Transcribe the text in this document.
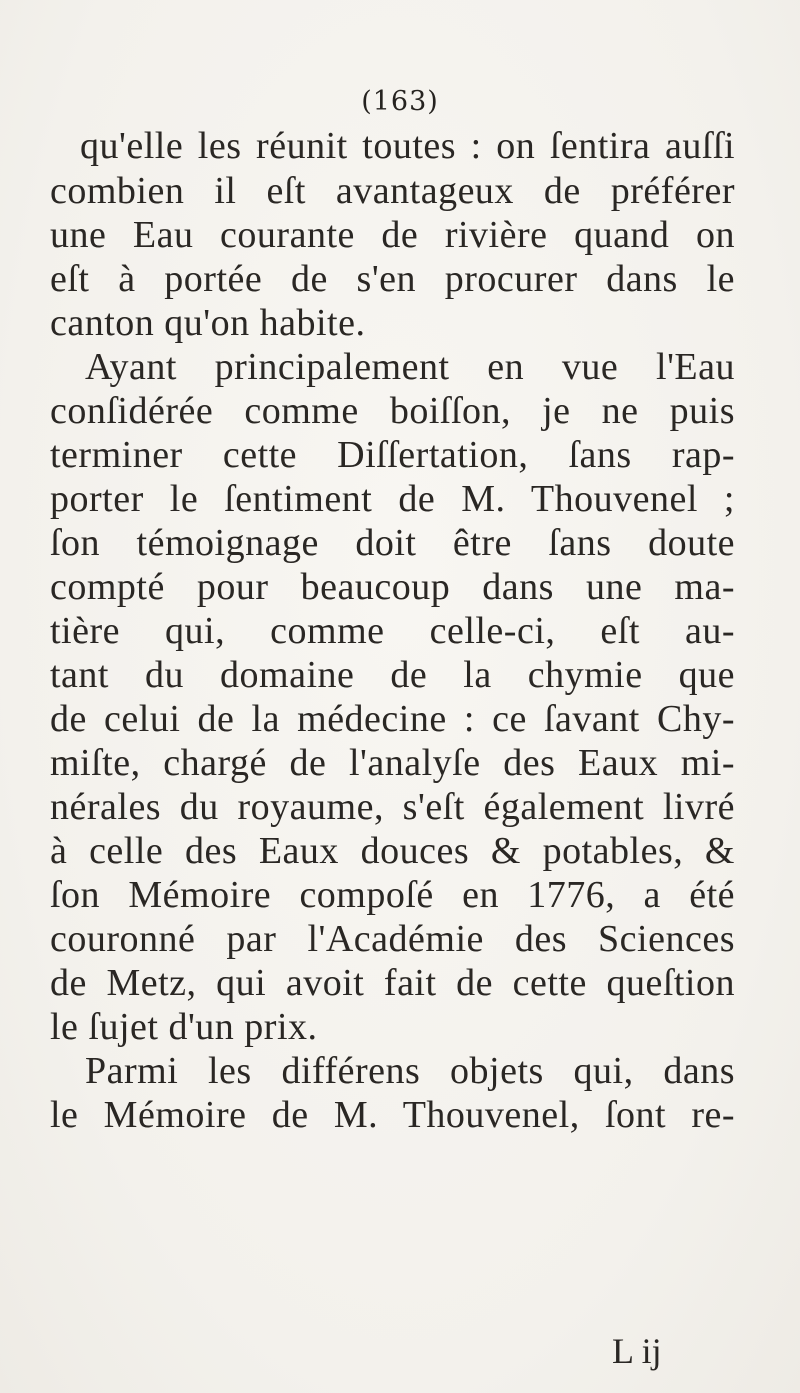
(163)
qu'elle les réunit toutes : on ſentira auſſi
combien il eſt avantageux de préférer
une Eau courante de rivière quand on
eſt à portée de s'en procurer dans le
canton qu'on habite.
Ayant principalement en vue l'Eau
conſidérée comme boiſſon, je ne puis
terminer cette Diſſertation, ſans rap-
porter le ſentiment de M. Thouvenel ;
ſon témoignage doit être ſans doute
compté pour beaucoup dans une ma-
tière qui, comme celle-ci, eſt au-
tant du domaine de la chymie que
de celui de la médecine : ce ſavant Chy-
miſte, chargé de l'analyſe des Eaux mi-
nérales du royaume, s'eſt également livré
à celle des Eaux douces & potables, &
ſon Mémoire compoſé en 1776, a été
couronné par l'Académie des Sciences
de Metz, qui avoit fait de cette queſtion
le ſujet d'un prix.
Parmi les différens objets qui, dans
le Mémoire de M. Thouvenel, ſont re-
L ij
